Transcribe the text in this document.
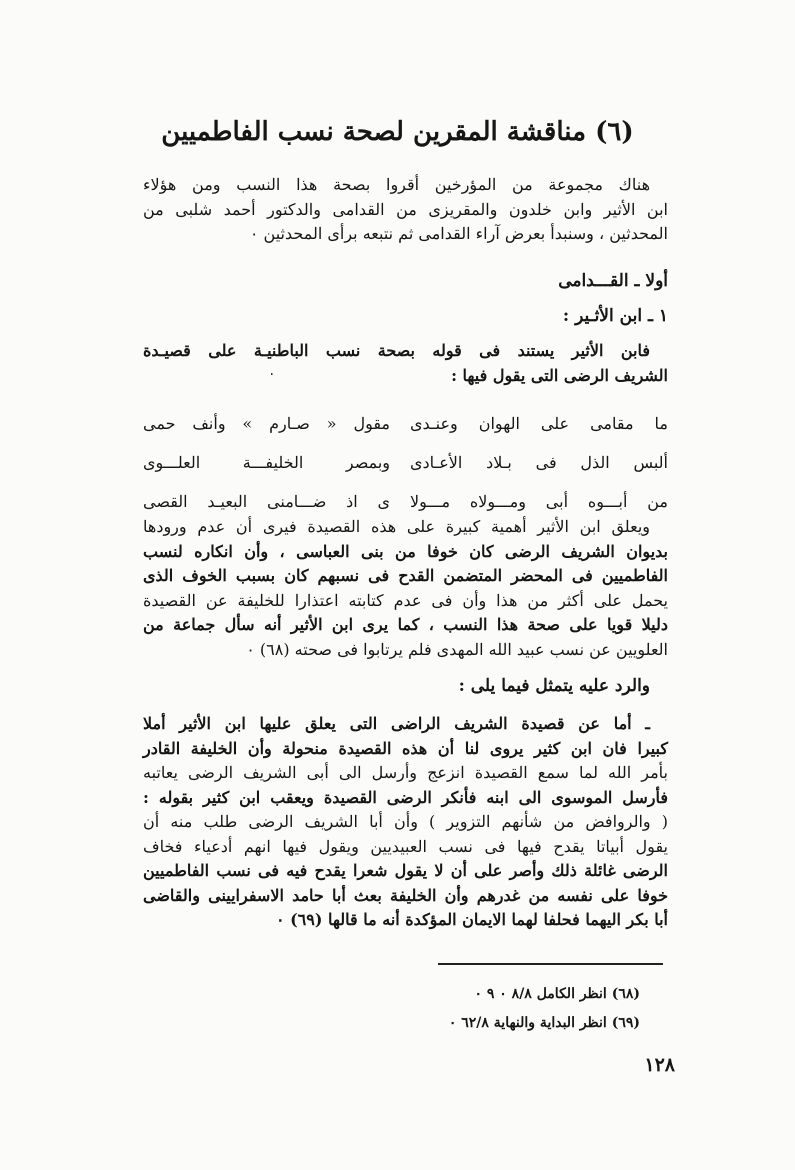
(٦) مناقشة المقرين لصحة نسب الفاطميين
هناك مجموعة من المؤرخين أقروا بصحة هذا النسب ومن هؤلاء
ابن الأثير وابن خلدون والمقريزى من القدامى والدكتور أحمد شلبى من
المحدثين ، وسنبدأ بعرض آراء القدامى ثم نتبعه برأى المحدثين ٠
أولا ـ القـــدامى
١ ـ ابن الأثـير :
فابن الأثير يستند فى قوله بصحة نسب الباطنيـة على قصيـدة
الشريف الرضى التى يقول فيها :
٠
ما مقامى على الهوان وعنـدى
مقول « صـارم » وأنف حمى
ألبس الذل فى بـلاد الأعـادى
وبمصر الخليفـــة العلـــوى
من أبـــوه أبى ومـــولاه مـــولا
ى اذ ضـــامنى البعيـد القصى
ويعلق ابن الأثير أهمية كبيرة على هذه القصيدة فيرى أن عدم ورودها
بديوان الشريف الرضى كان خوفا من بنى العباسى ، وأن انكاره لنسب
الفاطميين فى المحضر المتضمن القدح فى نسبهم كان بسبب الخوف الذى
يحمل على أكثر من هذا وأن فى عدم كتابته اعتذارا للخليفة عن القصيدة
دليلا قويا على صحة هذا النسب ، كما يرى ابن الأثير أنه سأل جماعة من
العلويين عن نسب عبيد الله المهدى فلم يرتابوا فى صحته (٦٨) ٠
والرد عليه يتمثل فيما يلى :
ـ أما عن قصيدة الشريف الراضى التى يعلق عليها ابن الأثير أملا
كبيرا فان ابن كثير يروى لنا أن هذه القصيدة منحولة وأن الخليفة القادر
بأمر الله لما سمع القصيدة انزعج وأرسل الى أبى الشريف الرضى يعاتبه
فأرسل الموسوى الى ابنه فأنكر الرضى القصيدة ويعقب ابن كثير بقوله :
( والروافض من شأنهم التزوير ) وأن أبا الشريف الرضى طلب منه أن
يقول أبياتا يقدح فيها فى نسب العبيديين ويقول فيها انهم أدعياء فخاف
الرضى غائلة ذلك وأصر على أن لا يقول شعرا يقدح فيه فى نسب الفاطميين
خوفا على نفسه من غدرهم وأن الخليفة بعث أبا حامد الاسفرايينى والقاضى
أبا بكر اليهما فحلفا لهما الايمان المؤكدة أنه ما قالها (٦٩) ٠
(٦٨) انظر الكامل ٨/٨ ٠ ٩ ٠
(٦٩) انظر البداية والنهاية ٦٢/٨ ٠
١٢٨
